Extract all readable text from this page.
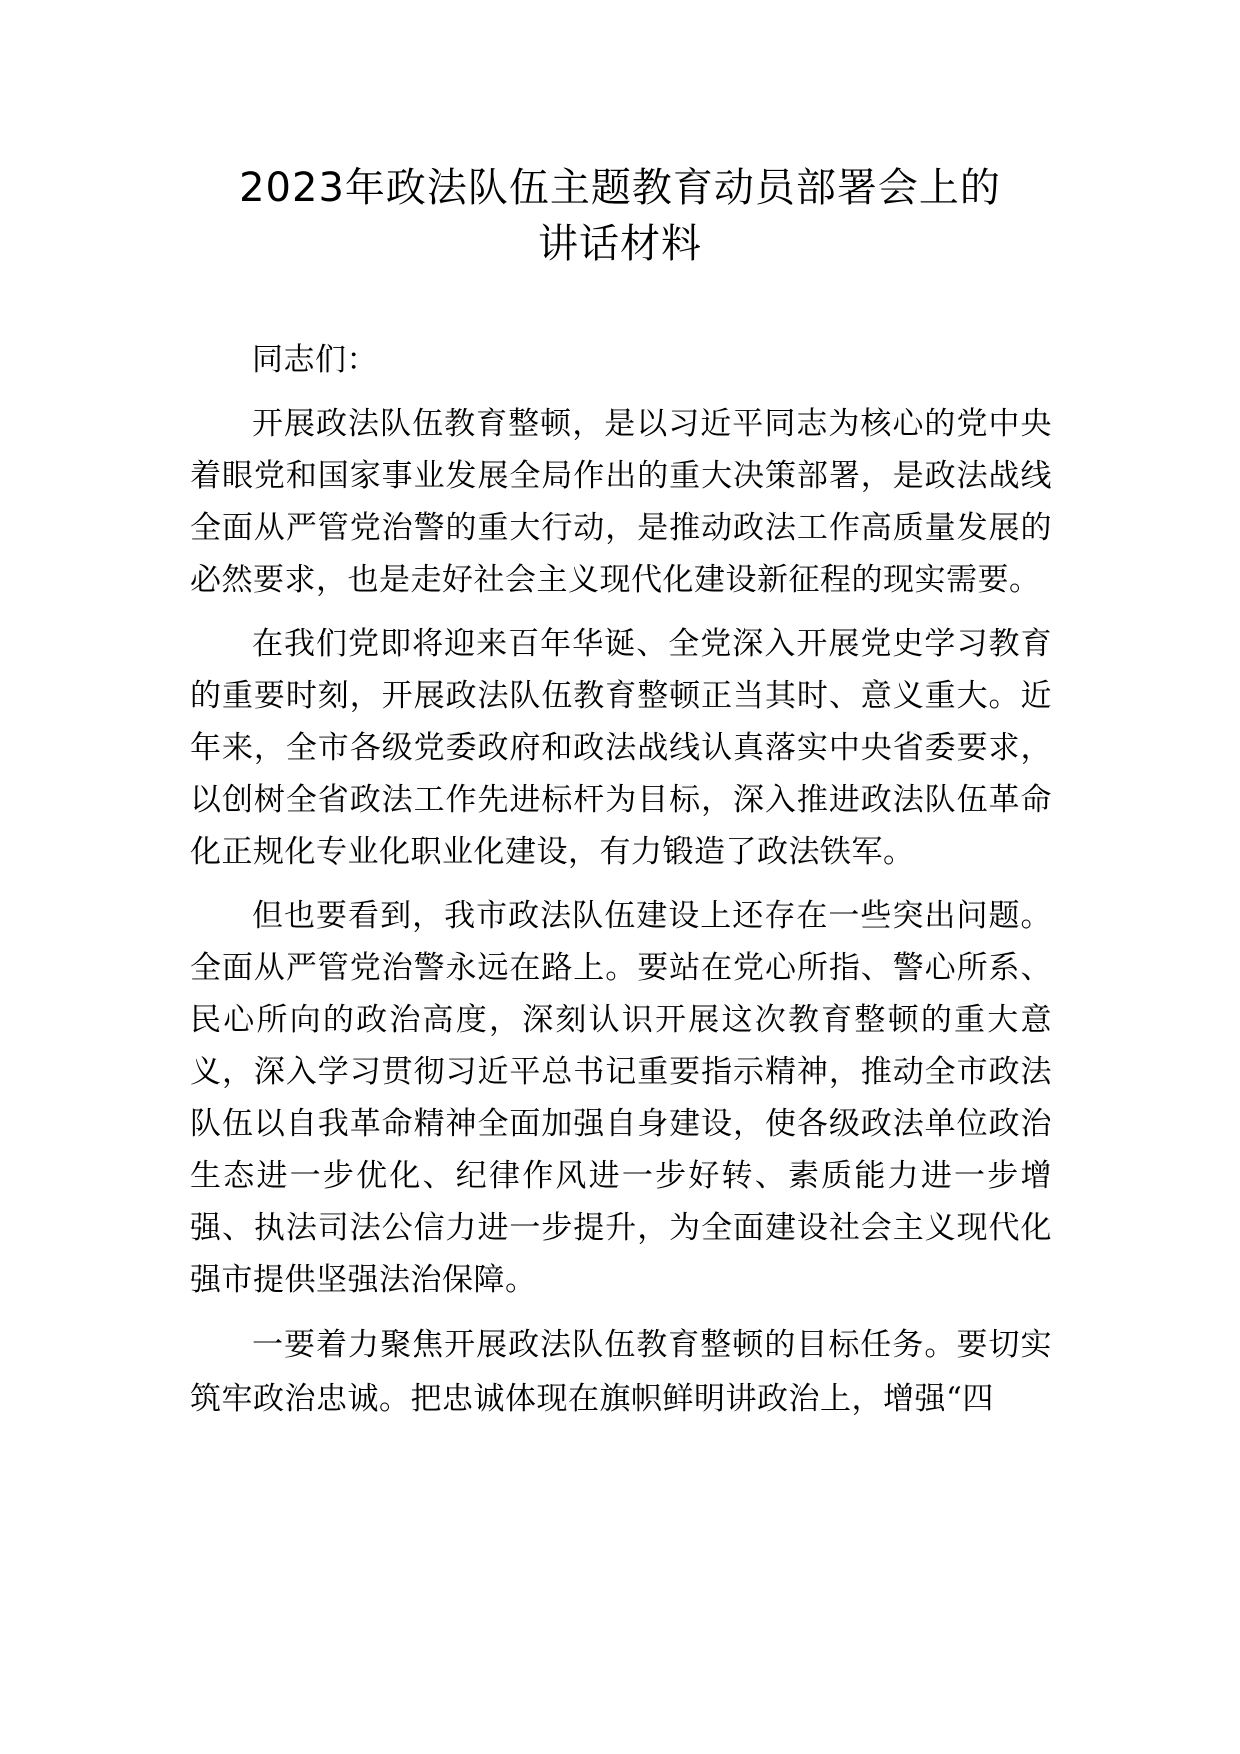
2023年政法队伍主题教育动员部署会上的
讲话材料

同志们：

开展政法队伍教育整顿，是以习近平同志为核心的党中央着眼党和国家事业发展全局作出的重大决策部署，是政法战线全面从严管党治警的重大行动，是推动政法工作高质量发展的必然要求，也是走好社会主义现代化建设新征程的现实需要。

在我们党即将迎来百年华诞、全党深入开展党史学习教育的重要时刻，开展政法队伍教育整顿正当其时、意义重大。近年来，全市各级党委政府和政法战线认真落实中央省委要求，以创树全省政法工作先进标杆为目标，深入推进政法队伍革命化正规化专业化职业化建设，有力锻造了政法铁军。

但也要看到，我市政法队伍建设上还存在一些突出问题。全面从严管党治警永远在路上。要站在党心所指、警心所系、民心所向的政治高度，深刻认识开展这次教育整顿的重大意义，深入学习贯彻习近平总书记重要指示精神，推动全市政法队伍以自我革命精神全面加强自身建设，使各级政法单位政治生态进一步优化、纪律作风进一步好转、素质能力进一步增强、执法司法公信力进一步提升，为全面建设社会主义现代化强市提供坚强法治保障。

一要着力聚焦开展政法队伍教育整顿的目标任务。要切实筑牢政治忠诚。把忠诚体现在旗帜鲜明讲政治上，增强“四
